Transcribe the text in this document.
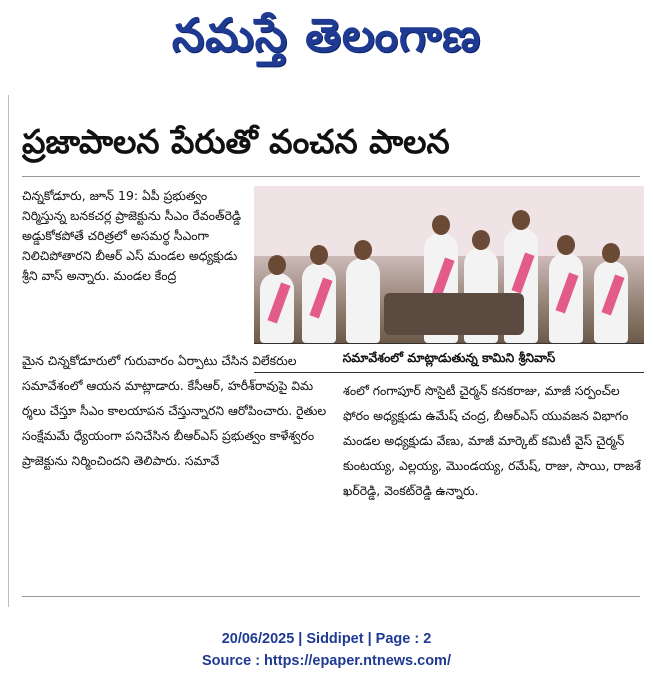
నమస్తే తెలంగాణ
ప్రజాపాలన పేరుతో వంచన పాలన

చిన్నకోడూరు, జూన్ 19: ఏపీ ప్రభుత్వం నిర్మిస్తున్న బనకచర్ల ప్రాజెక్టును సీఎం రేవంత్‌రెడ్డి అడ్డుకోకపోతే చరిత్రలో అసమర్థ సీఎంగా నిలిచిపోతారని బీఆర్ ఎస్ మండల అధ్యక్షుడు శ్రీని వాస్ అన్నారు. మండల కేంద్ర

సమావేశంలో మాట్లాడుతున్న కామిని శ్రీనివాస్

మైన చిన్నకోడూరులో గురువారం ఏర్పాటు చేసిన విలేకరుల సమావేశంలో ఆయన మాట్లాడారు. కేసీఆర్, హరీశ్‌రావుపై విమ ర్శలు చేస్తూ సీఎం కాలయాపన చేస్తున్నారని ఆరోపించారు. రైతుల సంక్షేమమే ధ్యేయంగా పనిచేసిన బీఆర్‌ఎస్ ప్రభుత్వం కాళేశ్వరం ప్రాజెక్టును నిర్మించిందని తెలిపారు. సమావే

శంలో గంగాపూర్ సొసైటీ చైర్మన్ కనకరాజు, మాజీ సర్పంచ్‌ల ఫోరం అధ్యక్షుడు ఉమేష్ చంద్ర, బీఆర్‌ఎస్ యువజన విభాగం మండల అధ్యక్షుడు వేణు, మాజీ మార్కెట్ కమిటీ వైస్ చైర్మన్ కుంటయ్య, ఎల్లయ్య, మొండయ్య, రమేష్, రాజు, సాయి, రాజశే ఖర్‌రెడ్డి, వెంకట్‌రెడ్డి ఉన్నారు.

20/06/2025 | Siddipet | Page : 2
Source : https://epaper.ntnews.com/
